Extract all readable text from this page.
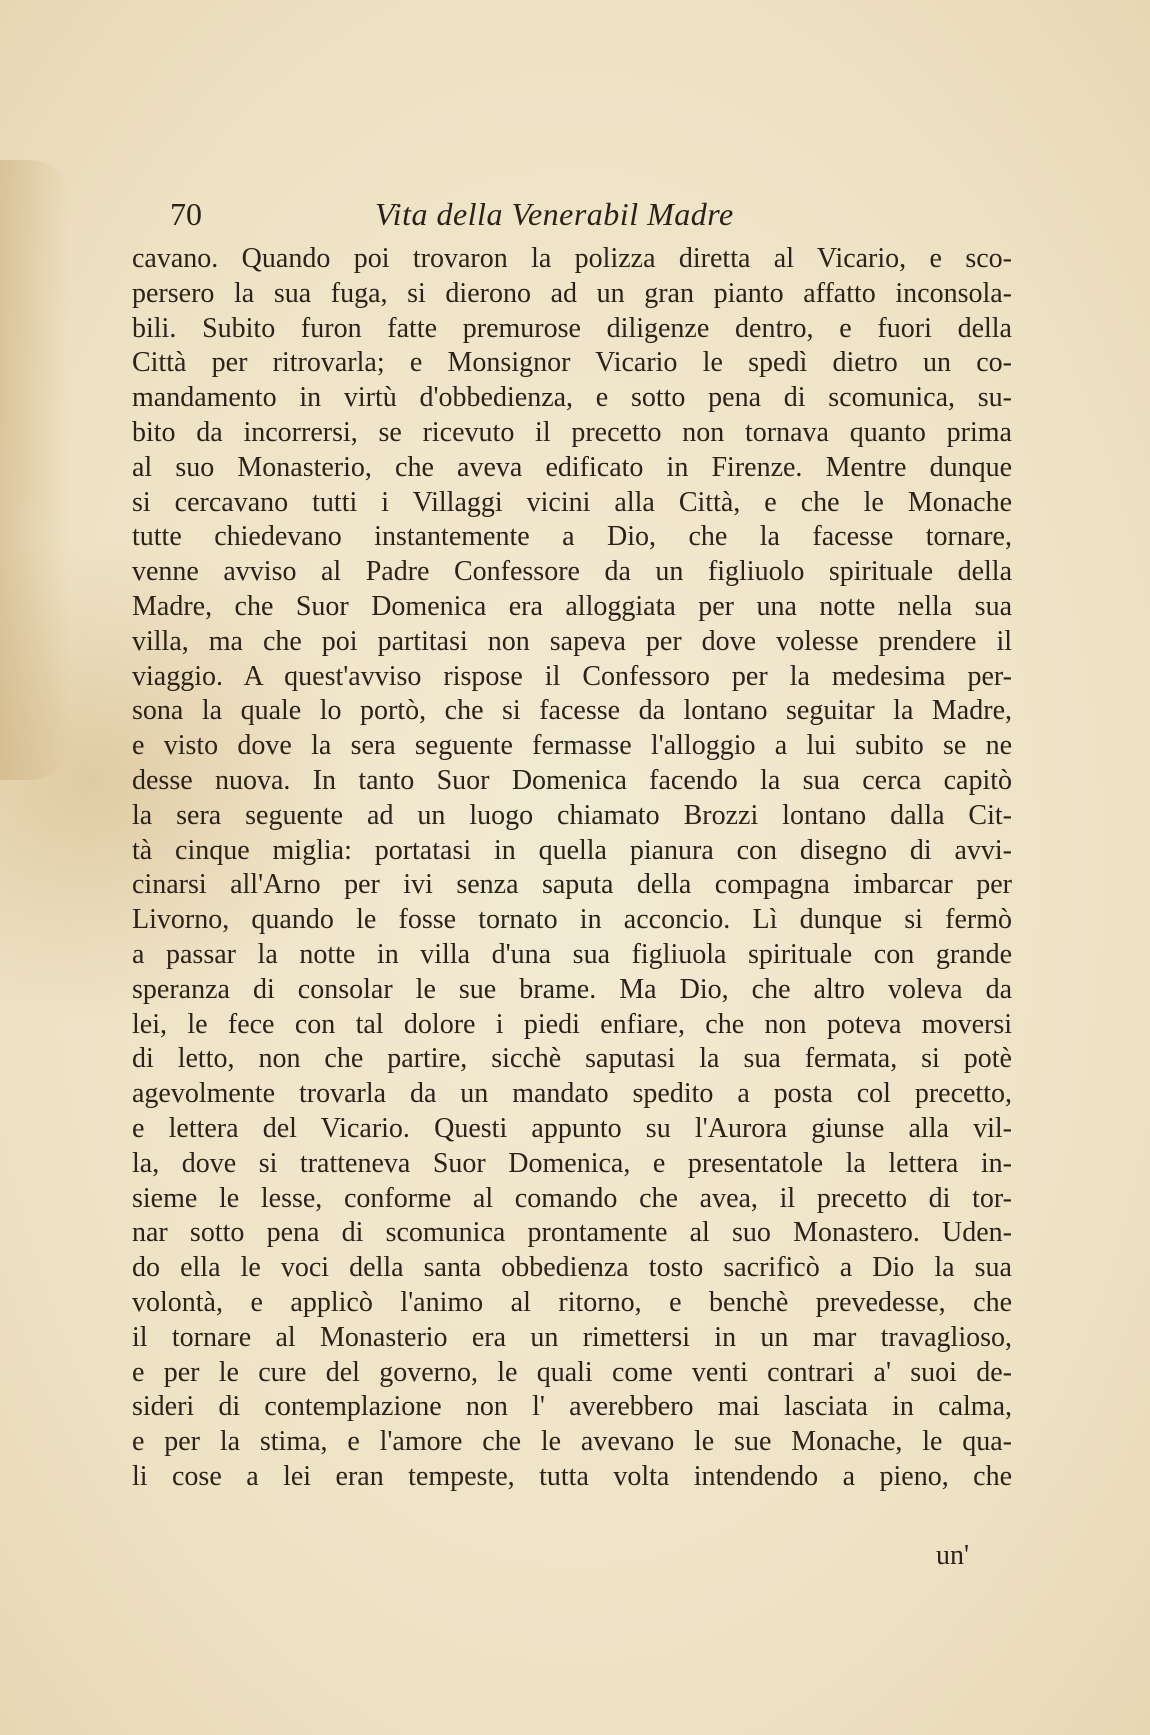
70	Vita della Venerabil Madre
cavano. Quando poi trovaron la polizza diretta al Vicario, e sco-
persero la sua fuga, si dierono ad un gran pianto affatto inconsola-
bili. Subito furon fatte premurose diligenze dentro, e fuori della
Città per ritrovarla; e Monsignor Vicario le spedì dietro un co-
mandamento in virtù d'obbedienza, e sotto pena di scomunica, su-
bito da incorrersi, se ricevuto il precetto non tornava quanto prima
al suo Monasterio, che aveva edificato in Firenze. Mentre dunque
si cercavano tutti i Villaggi vicini alla Città, e che le Monache
tutte chiedevano instantemente a Dio, che la facesse tornare,
venne avviso al Padre Confessore da un figliuolo spirituale della
Madre, che Suor Domenica era alloggiata per una notte nella sua
villa, ma che poi partitasi non sapeva per dove volesse prendere il
viaggio. A quest'avviso rispose il Confessoro per la medesima per-
sona la quale lo portò, che si facesse da lontano seguitar la Madre,
e visto dove la sera seguente fermasse l'alloggio a lui subito se ne
desse nuova. In tanto Suor Domenica facendo la sua cerca capitò
la sera seguente ad un luogo chiamato Brozzi lontano dalla Cit-
tà cinque miglia: portatasi in quella pianura con disegno di avvi-
cinarsi all'Arno per ivi senza saputa della compagna imbarcar per
Livorno, quando le fosse tornato in acconcio. Lì dunque si fermò
a passar la notte in villa d'una sua figliuola spirituale con grande
speranza di consolar le sue brame. Ma Dio, che altro voleva da
lei, le fece con tal dolore i piedi enfiare, che non poteva moversi
di letto, non che partire, sicchè saputasi la sua fermata, si potè
agevolmente trovarla da un mandato spedito a posta col precetto,
e lettera del Vicario. Questi appunto su l'Aurora giunse alla vil-
la, dove si tratteneva Suor Domenica, e presentatole la lettera in-
sieme le lesse, conforme al comando che avea, il precetto di tor-
nar sotto pena di scomunica prontamente al suo Monastero. Uden-
do ella le voci della santa obbedienza tosto sacrificò a Dio la sua
volontà, e applicò l'animo al ritorno, e benchè prevedesse, che
il tornare al Monasterio era un rimettersi in un mar travaglioso,
e per le cure del governo, le quali come venti contrari a' suoi de-
sideri di contemplazione non l' averebbero mai lasciata in calma,
e per la stima, e l'amore che le avevano le sue Monache, le qua-
li cose a lei eran tempeste, tutta volta intendendo a pieno, che
un'
